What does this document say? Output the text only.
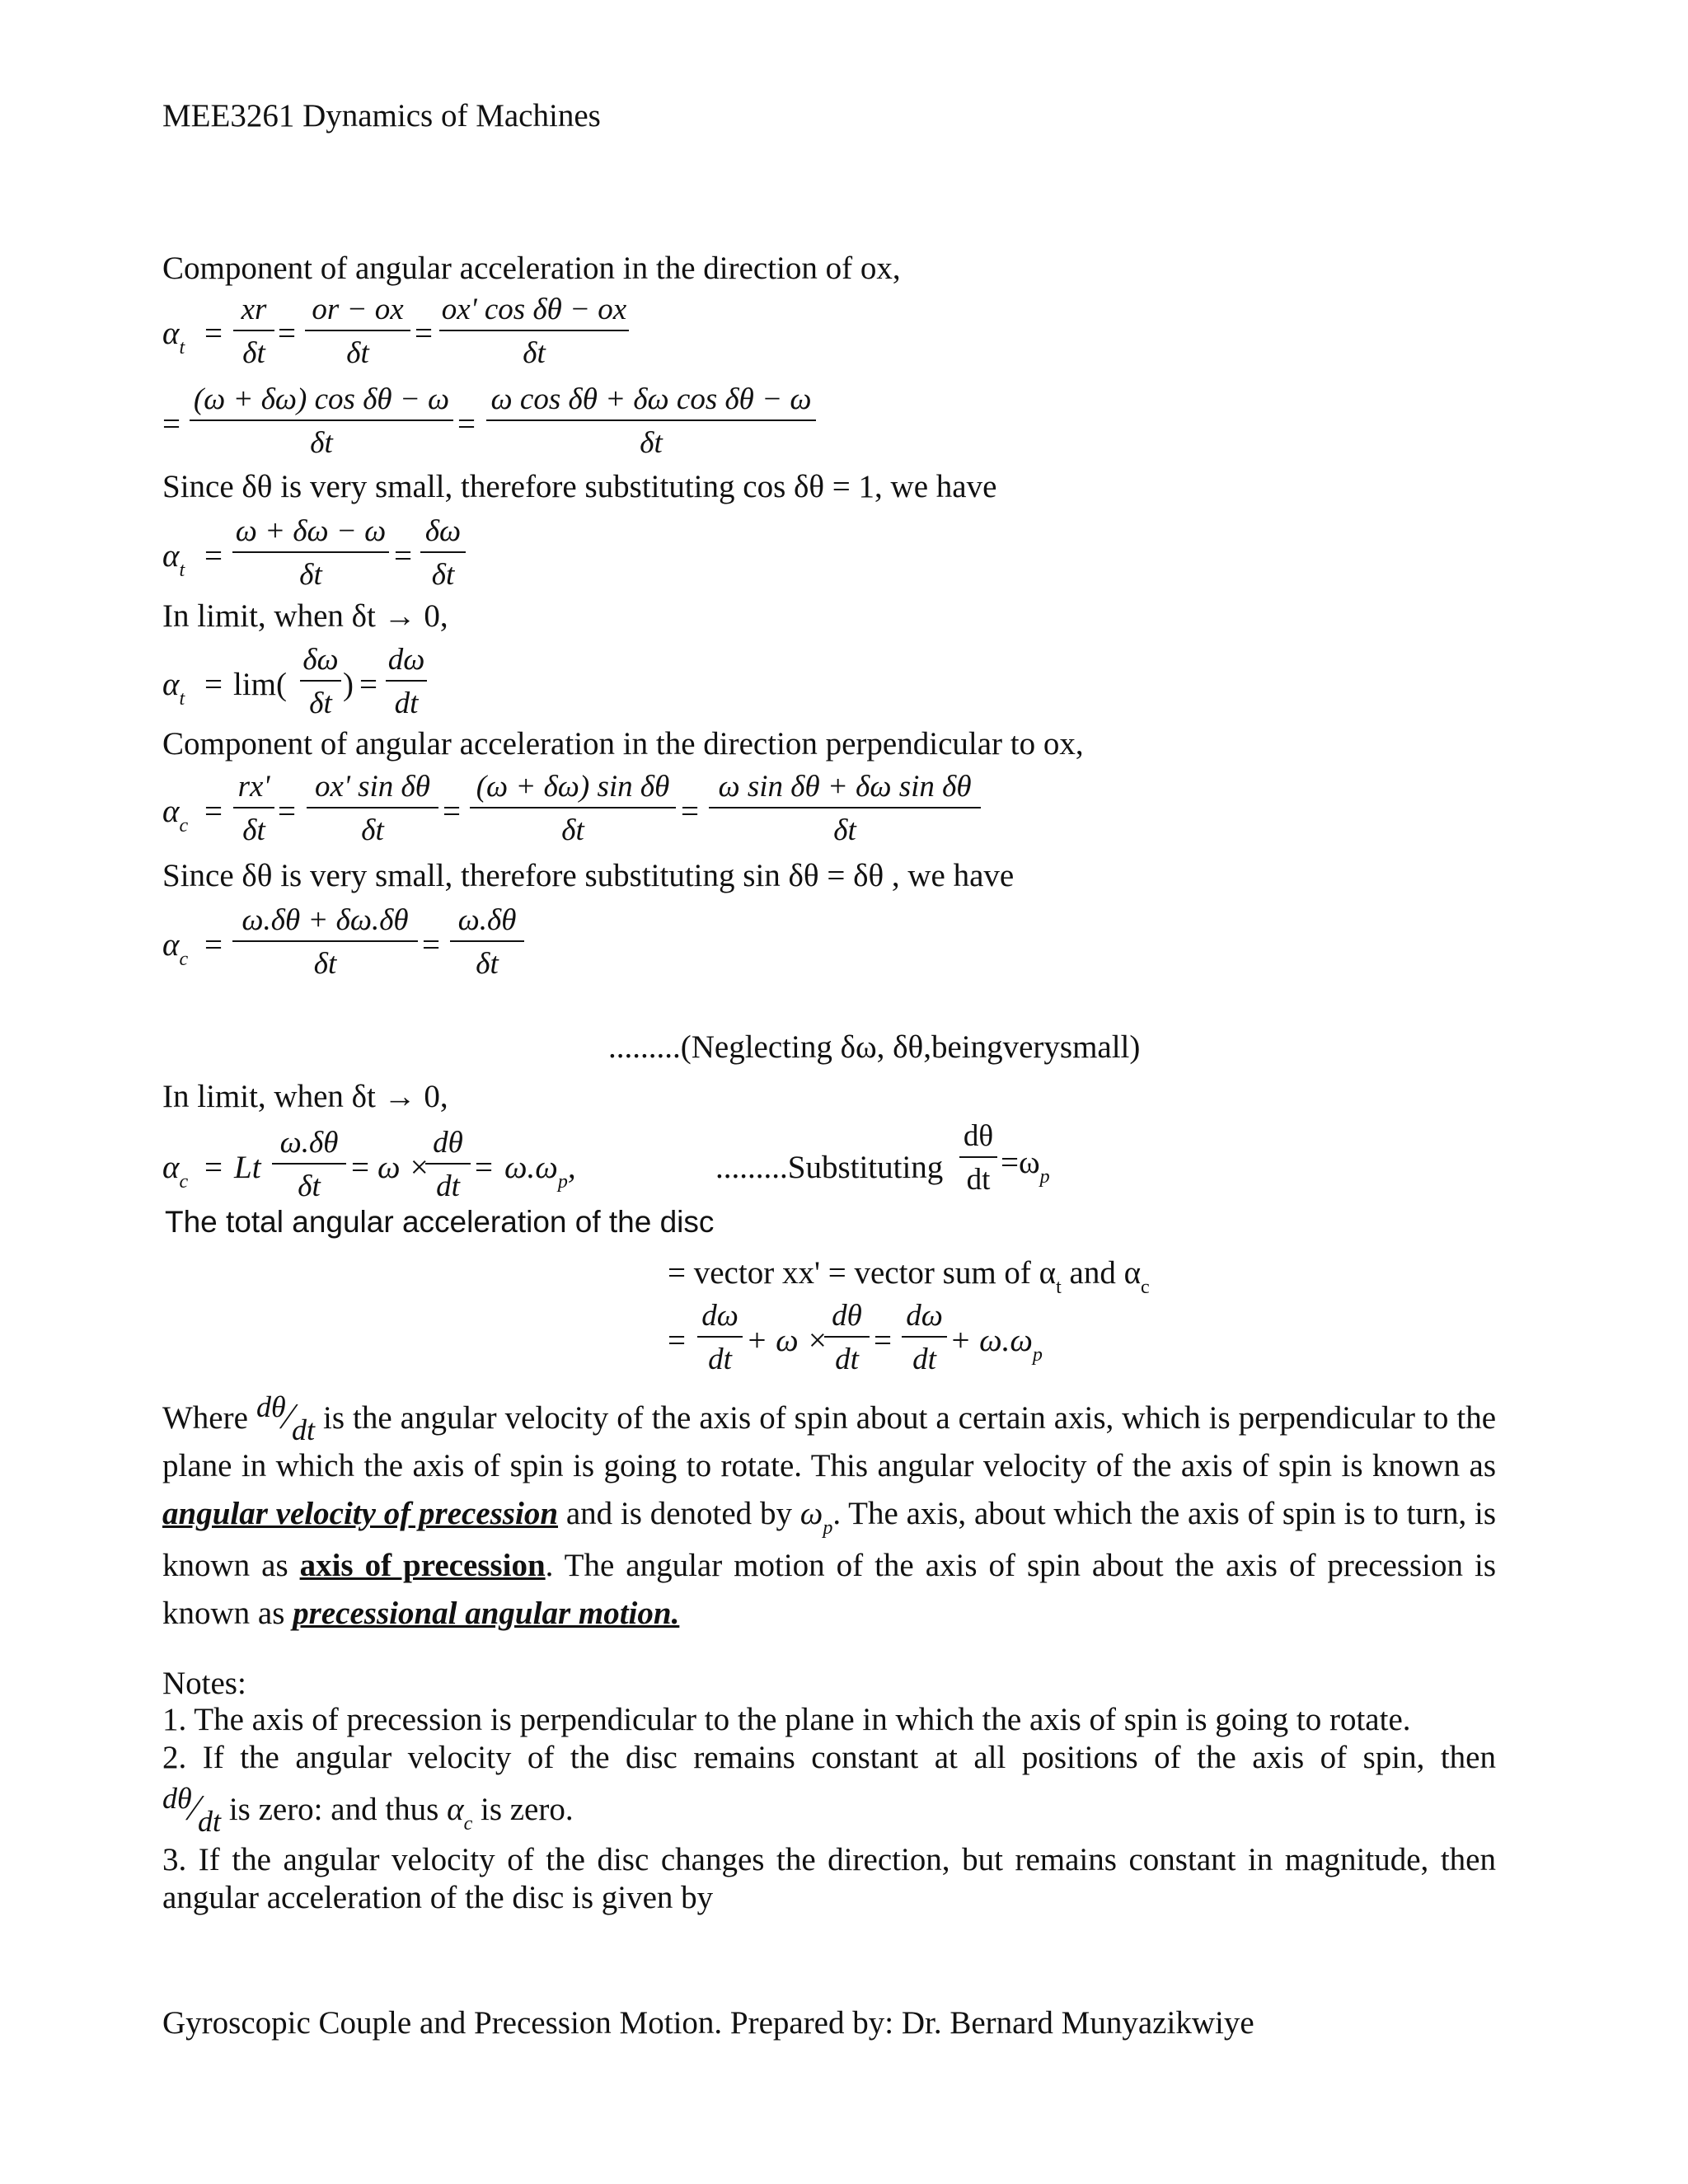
MEE3261 Dynamics of Machines
Component of angular acceleration in the direction of ox,
$\alpha_t$ =
xr
δt
=
or − ox
δt
=
ox' cos δθ − ox
δt
=
(ω + δω) cos δθ − ω
δt
=
ω cos δθ + δω cos δθ − ω
δt
Since δθ is very small, therefore substituting cos δθ = 1, we have
$\alpha_t$ =
ω + δω − ω
δt
=
δω
δt
In limit, when δt → 0,
$\alpha_t = \lim$(
δω
δt
) =
dω
dt
Component of angular acceleration in the direction perpendicular to ox,
$\alpha_c$ =
rx'
δt
=
ox' sin δθ
δt
=
(ω + δω) sin δθ
δt
=
ω sin δθ + δω sin δθ
δt
Since δθ is very small, therefore substituting sin δθ = δθ , we have
$\alpha_c$ =
ω.δθ + δω.δθ
δt
=
ω.δθ
δt
.........(Neglecting δω, δθ,beingverysmall)
In limit, when δt → 0,
$\alpha_c = Lt$
ω.δθ
δt
= ω ×
dθ
dt
= $\omega.\omega_p$,	.........Substituting
dθ
dt $=\omega_p$
The total angular acceleration of the disc
= vector xx' = vector sum of $\alpha_t$ and $\alpha_c$
=
dω
dt
+ ω ×
dθ
dt
=
dω
dt
+ $\omega.\omega_p$
Where dθ⁄dt is the angular velocity of the axis of spin about a certain axis, which is perpendicular to the plane in which the axis of spin is going to rotate. This angular velocity of the axis of spin is known as angular velocity of precession and is denoted by $\omega_p$. The axis, about which the axis of spin is to turn, is known as axis of precession. The angular motion of the axis of spin about the axis of precession is known as precessional angular motion.
Notes:
1. The axis of precession is perpendicular to the plane in which the axis of spin is going to rotate.
2. If the angular velocity of the disc remains constant at all positions of the axis of spin, then
dθ⁄dt is zero: and thus $\alpha_c$ is zero.
3. If the angular velocity of the disc changes the direction, but remains constant in magnitude, then angular acceleration of the disc is given by
Gyroscopic Couple and Precession Motion. Prepared by: Dr. Bernard Munyazikwiye
